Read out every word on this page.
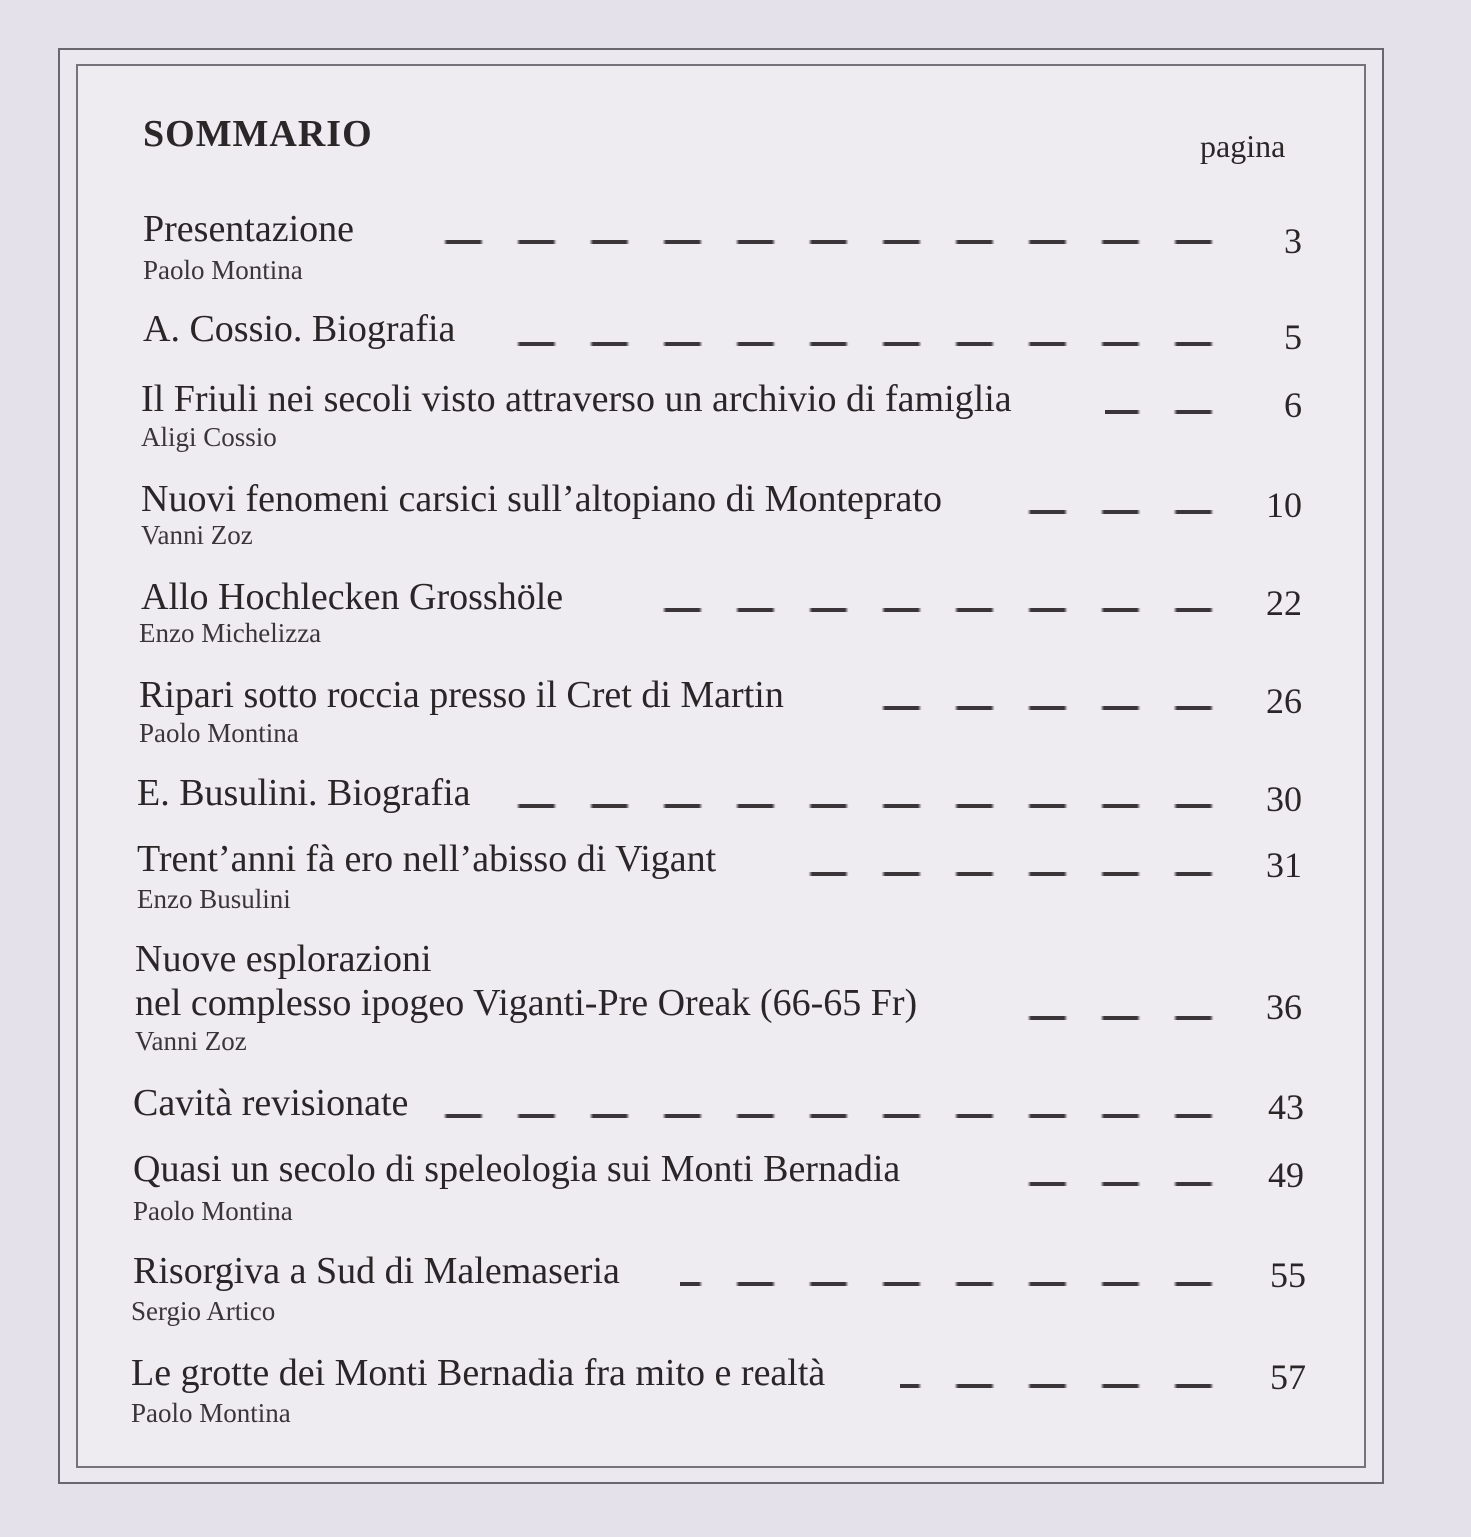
SOMMARIO	pagina
Presentazione	3
Paolo Montina
A. Cossio. Biografia	5
Il Friuli nei secoli visto attraverso un archivio di famiglia	6
Aligi Cossio
Nuovi fenomeni carsici sull’altopiano di Monteprato	10
Vanni Zoz
Allo Hochlecken Grosshöle	22
Enzo Michelizza
Ripari sotto roccia presso il Cret di Martin	26
Paolo Montina
E. Busulini. Biografia	30
Trent’anni fà ero nell’abisso di Vigant	31
Enzo Busulini
Nuove esplorazioni
nel complesso ipogeo Viganti-Pre Oreak (66-65 Fr)	36
Vanni Zoz
Cavità revisionate	43
Quasi un secolo di speleologia sui Monti Bernadia	49
Paolo Montina
Risorgiva a Sud di Malemaseria	55
Sergio Artico
Le grotte dei Monti Bernadia fra mito e realtà	57
Paolo Montina
